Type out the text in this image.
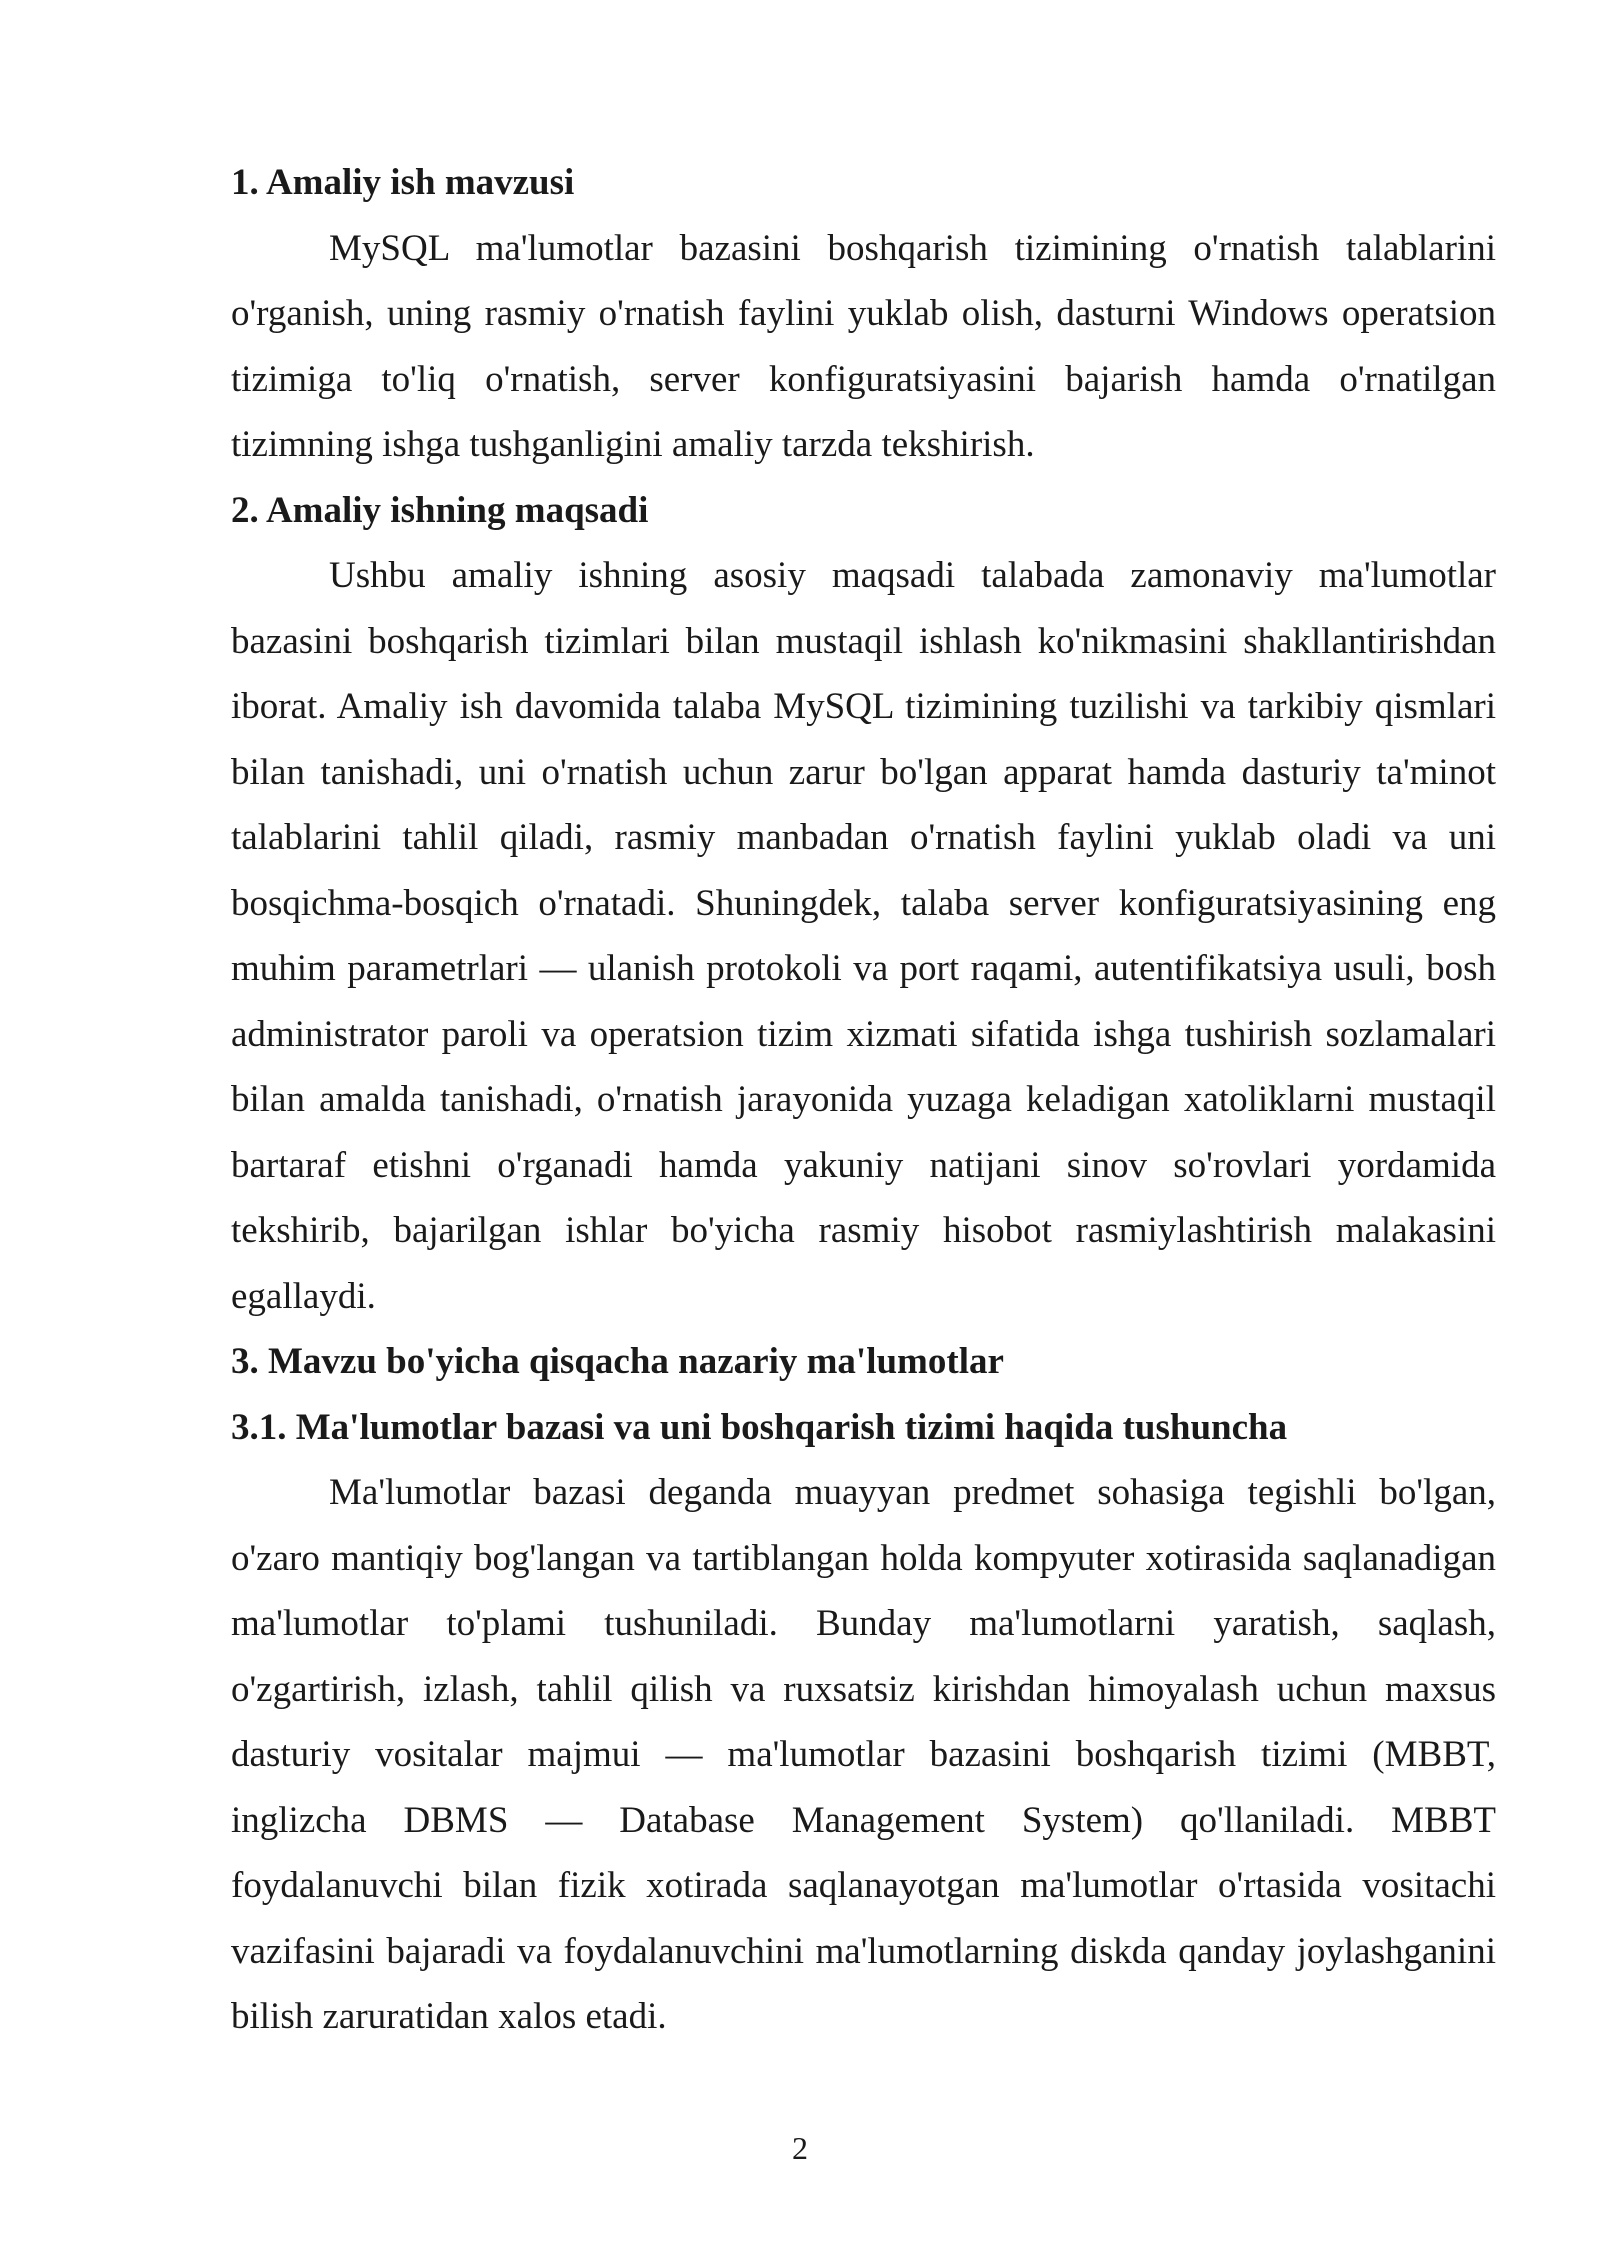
1. Amaliy ish mavzusi

MySQL ma'lumotlar bazasini boshqarish tizimining o'rnatish talablarini o'rganish, uning rasmiy o'rnatish faylini yuklab olish, dasturni Windows operatsion tizimiga to'liq o'rnatish, server konfiguratsiyasini bajarish hamda o'rnatilgan tizimning ishga tushganligini amaliy tarzda tekshirish.

2. Amaliy ishning maqsadi

Ushbu amaliy ishning asosiy maqsadi talabada zamonaviy ma'lumotlar bazasini boshqarish tizimlari bilan mustaqil ishlash ko'nikmasini shakllantirishdan iborat. Amaliy ish davomida talaba MySQL tizimining tuzilishi va tarkibiy qismlari bilan tanishadi, uni o'rnatish uchun zarur bo'lgan apparat hamda dasturiy ta'minot talablarini tahlil qiladi, rasmiy manbadan o'rnatish faylini yuklab oladi va uni bosqichma-bosqich o'rnatadi. Shuningdek, talaba server konfiguratsiyasining eng muhim parametrlari — ulanish protokoli va port raqami, autentifikatsiya usuli, bosh administrator paroli va operatsion tizim xizmati sifatida ishga tushirish sozlamalari bilan amalda tanishadi, o'rnatish jarayonida yuzaga keladigan xatoliklarni mustaqil bartaraf etishni o'rganadi hamda yakuniy natijani sinov so'rovlari yordamida tekshirib, bajarilgan ishlar bo'yicha rasmiy hisobot rasmiylashtirish malakasini egallaydi.

3. Mavzu bo'yicha qisqacha nazariy ma'lumotlar
3.1. Ma'lumotlar bazasi va uni boshqarish tizimi haqida tushuncha

Ma'lumotlar bazasi deganda muayyan predmet sohasiga tegishli bo'lgan, o'zaro mantiqiy bog'langan va tartiblangan holda kompyuter xotirasida saqlanadigan ma'lumotlar to'plami tushuniladi. Bunday ma'lumotlarni yaratish, saqlash, o'zgartirish, izlash, tahlil qilish va ruxsatsiz kirishdan himoyalash uchun maxsus dasturiy vositalar majmui — ma'lumotlar bazasini boshqarish tizimi (MBBT, inglizcha DBMS — Database Management System) qo'llaniladi. MBBT foydalanuvchi bilan fizik xotirada saqlanayotgan ma'lumotlar o'rtasida vositachi vazifasini bajaradi va foydalanuvchini ma'lumotlarning diskda qanday joylashganini bilish zaruratidan xalos etadi.

2
